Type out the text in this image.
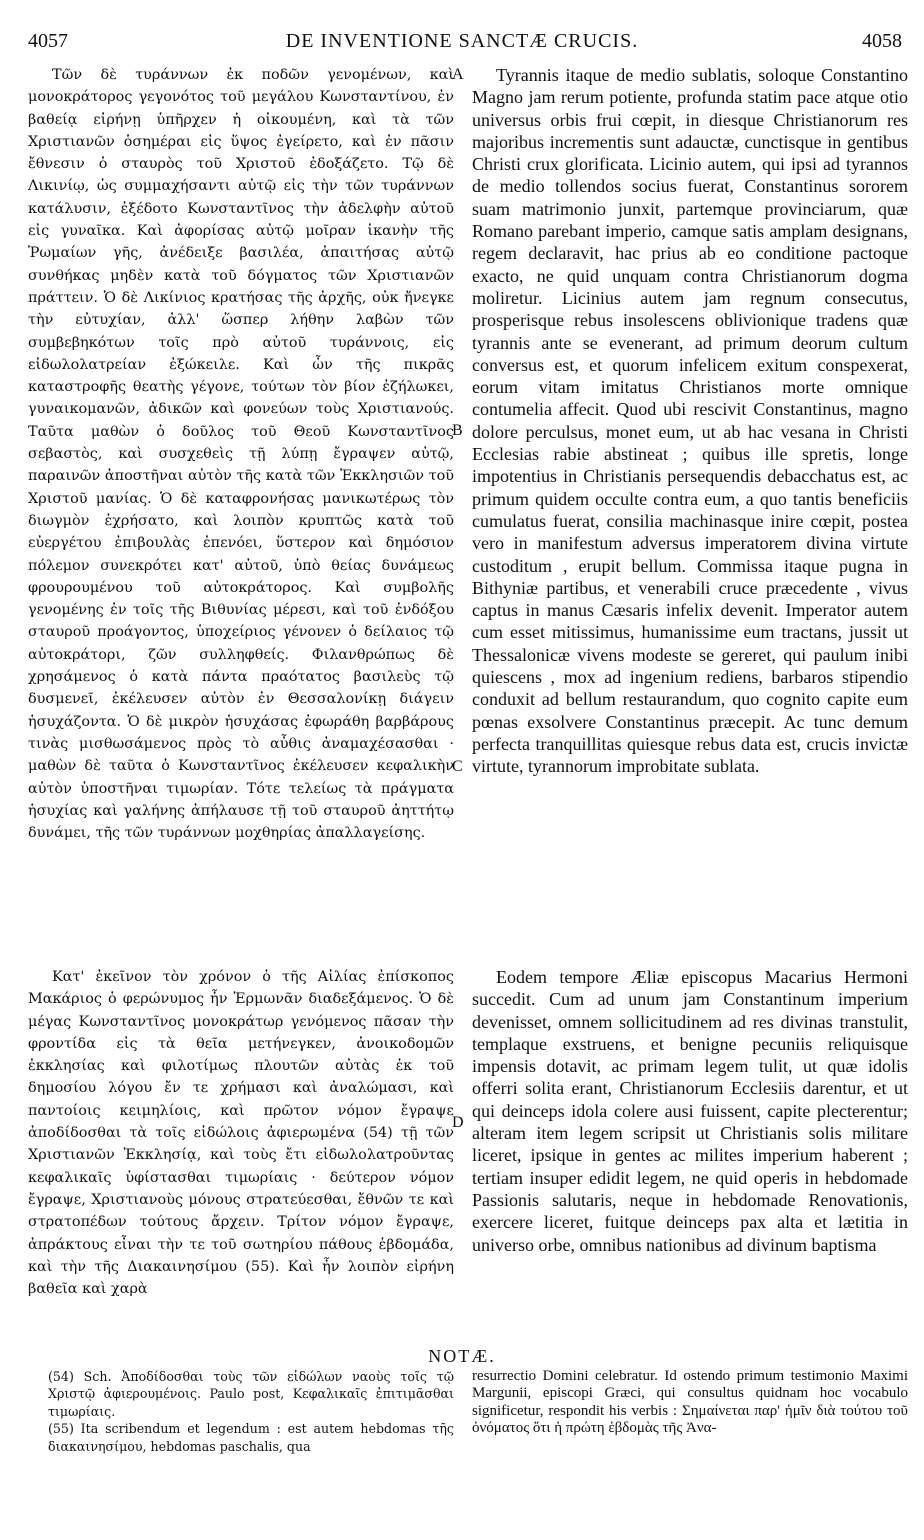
4057	DE INVENTIONE SANCTÆ CRUCIS.	4058

Τῶν δὲ τυράννων ἐκ ποδῶν γενομένων, καὶ μονοκράτορος γεγονότος τοῦ μεγάλου Κωνσταντίνου, ἐν βαθείᾳ εἰρήνῃ ὑπῆρχεν ἡ οἰκουμένη, καὶ τὰ τῶν Χριστιανῶν ὁσημέραι εἰς ὕψος ἐγείρετο, καὶ ἐν πᾶσιν ἔθνεσιν ὁ σταυρὸς τοῦ Χριστοῦ ἐδοξάζετο. Τῷ δὲ Λικινίῳ, ὡς συμμαχήσαντι αὐτῷ εἰς τὴν τῶν τυράννων κατάλυσιν, ἐξέδοτο Κωνσταντῖνος τὴν ἀδελφὴν αὐτοῦ εἰς γυναῖκα. Καὶ ἀφορίσας αὐτῷ μοῖραν ἱκανὴν τῆς Ῥωμαίων γῆς, ἀνέδειξε βασιλέα, ἀπαιτήσας αὐτῷ συνθήκας μηδὲν κατὰ τοῦ δόγματος τῶν Χριστιανῶν πράττειν. Ὁ δὲ Λικίνιος κρατήσας τῆς ἀρχῆς, οὐκ ἤνεγκε τὴν εὐτυχίαν, ἀλλ' ὥσπερ λήθην λαβὼν τῶν συμβεβηκότων τοῖς πρὸ αὐτοῦ τυράννοις, εἰς εἰδωλολατρείαν ἐξώκειλε. Καὶ ὧν τῆς πικρᾶς καταστροφῆς θεατὴς γέγονε, τούτων τὸν βίον ἐζήλωκει, γυναικομανῶν, ἀδικῶν καὶ φονεύων τοὺς Χριστιανούς. Ταῦτα μαθὼν ὁ δοῦλος τοῦ Θεοῦ Κωνσταντῖνος σεβαστὸς, καὶ συσχεθεὶς τῇ λύπῃ ἔγραψεν αὐτῷ, παραινῶν ἀποστῆναι αὐτὸν τῆς κατὰ τῶν Ἐκκλησιῶν τοῦ Χριστοῦ μανίας. Ὁ δὲ καταφρονήσας μανικωτέρως τὸν διωγμὸν ἐχρήσατο, καὶ λοιπὸν κρυπτῶς κατὰ τοῦ εὐεργέτου ἐπιβουλὰς ἐπενόει, ὕστερον καὶ δημόσιον πόλεμον συνεκρότει κατ' αὐτοῦ, ὑπὸ θείας δυνάμεως φρουρουμένου τοῦ αὐτοκράτορος. Καὶ συμβολῆς γενομένης ἐν τοῖς τῆς Βιθυνίας μέρεσι, καὶ τοῦ ἐνδόξου σταυροῦ προάγοντος, ὑποχείριος γένονεν ὁ δείλαιος τῷ αὐτοκράτορι, ζῶν συλληφθείς. Φιλανθρώπως δὲ χρησάμενος ὁ κατὰ πάντα πραότατος βασιλεὺς τῷ δυσμενεῖ, ἐκέλευσεν αὐτὸν ἐν Θεσσαλονίκῃ διάγειν ἡσυχάζοντα. Ὁ δὲ μικρὸν ἡσυχάσας ἐφωράθη βαρβάρους τινὰς μισθωσάμενος πρὸς τὸ αὖθις ἀναμαχέσασθαι · μαθὼν δὲ ταῦτα ὁ Κωνσταντῖνος ἐκέλευσεν κεφαλικὴν αὐτὸν ὑποστῆναι τιμωρίαν. Τότε τελείως τὰ πράγματα ἡσυχίας καὶ γαλήνης ἀπήλαυσε τῇ τοῦ σταυροῦ ἀηττήτῳ δυνάμει, τῆς τῶν τυράννων μοχθηρίας ἀπαλλαγείσης.

Tyrannis itaque de medio sublatis, soloque Constantino Magno jam rerum potiente, profunda statim pace atque otio universus orbis frui cœpit, in diesque Christianorum res majoribus incrementis sunt adauctæ, cunctisque in gentibus Christi crux glorificata. Licinio autem, qui ipsi ad tyrannos de medio tollendos socius fuerat, Constantinus sororem suam matrimonio junxit, partemque provinciarum, quæ Romano parebant imperio, camque satis amplam designans, regem declaravit, hac prius ab eo conditione pactoque exacto, ne quid unquam contra Christianorum dogma moliretur. Licinius autem jam regnum consecutus, prosperisque rebus insolescens oblivionique tradens quæ tyrannis ante se evenerant, ad primum deorum cultum conversus est, et quorum infelicem exitum conspexerat, eorum vitam imitatus Christianos morte omnique contumelia affecit. Quod ubi rescivit Constantinus, magno dolore perculsus, monet eum, ut ab hac vesana in Christi Ecclesias rabie abstineat ; quibus ille spretis, longe impotentius in Christianis persequendis debacchatus est, ac primum quidem occulte contra eum, a quo tantis beneficiis cumulatus fuerat, consilia machinasque inire cœpit, postea vero in manifestum adversus imperatorem divina virtute custoditum , erupit bellum. Commissa itaque pugna in Bithyniæ partibus, et venerabili cruce præcedente , vivus captus in manus Cæsaris infelix devenit. Imperator autem cum esset mitissimus, humanissime eum tractans, jussit ut Thessalonicæ vivens modeste se gereret, qui paulum inibi quiescens , mox ad ingenium rediens, barbaros stipendio conduxit ad bellum restaurandum, quo cognito capite eum pœnas exsolvere Constantinus præcepit. Ac tunc demum perfecta tranquillitas quiesque rebus data est, crucis invictæ virtute, tyrannorum improbitate sublata.

A
B
C
D

Κατ' ἐκεῖνον τὸν χρόνον ὁ τῆς Αἰλίας ἐπίσκοπος Μακάριος ὁ φερώνυμος ἦν Ἑρμωνᾶν διαδεξάμενος. Ὁ δὲ μέγας Κωνσταντῖνος μονοκράτωρ γενόμενος πᾶσαν τὴν φροντίδα εἰς τὰ θεῖα μετήνεγκεν, ἀνοικοδομῶν ἐκκλησίας καὶ φιλοτίμως πλουτῶν αὐτὰς ἐκ τοῦ δημοσίου λόγου ἔν τε χρήμασι καὶ ἀναλώμασι, καὶ παντοίοις κειμηλίοις, καὶ πρῶτον νόμον ἔγραψε ἀποδίδοσθαι τὰ τοῖς εἰδώλοις ἀφιερωμένα (54) τῇ τῶν Χριστιανῶν Ἐκκλησίᾳ, καὶ τοὺς ἔτι εἰδωλολατροῦντας κεφαλικαῖς ὑφίστασθαι τιμωρίαις · δεύτερον νόμον ἔγραψε, Χριστιανοὺς μόνους στρατεύεσθαι, ἔθνῶν τε καὶ στρατοπέδων τούτους ἄρχειν. Τρίτον νόμον ἔγραψε, ἀπράκτους εἶναι τὴν τε τοῦ σωτηρίου πάθους ἑβδομάδα, καὶ τὴν τῆς Διακαινησίμου (55). Καὶ ἦν λοιπὸν εἰρήνη βαθεῖα καὶ χαρὰ

Eodem tempore Æliæ episcopus Macarius Hermoni succedit. Cum ad unum jam Constantinum imperium devenisset, omnem sollicitudinem ad res divinas transtulit, templaque exstruens, et benigne pecuniis reliquisque impensis dotavit, ac primam legem tulit, ut quæ idolis offerri solita erant, Christianorum Ecclesiis darentur, et ut qui deinceps idola colere ausi fuissent, capite plecterentur; alteram item legem scripsit ut Christianis solis militare liceret, ipsique in gentes ac milites imperium haberent ; tertiam insuper edidit legem, ne quid operis in hebdomade Passionis salutaris, neque in hebdomade Renovationis, exercere liceret, fuitque deinceps pax alta et lætitia in universo orbe, omnibus nationibus ad divinum baptisma

NOTÆ.

(54) Sch. Ἀποδίδοσθαι τοὺς τῶν εἰδώλων ναοὺς τοῖς τῷ Χριστῷ ἀφιερουμένοις. Paulo post, Κεφαλικαῖς ἐπιτιμᾶσθαι τιμωρίαις.

(55) Ita scribendum et legendum : est autem hebdomas τῆς διακαινησίμου, hebdomas paschalis, qua

resurrectio Domini celebratur. Id ostendo primum testimonio Maximi Margunii, episcopi Græci, qui consultus quidnam hoc vocabulo significetur, respondit his verbis : Σημαίνεται παρ' ἡμῖν διὰ τούτου τοῦ ὀνόματος ὅτι ἡ πρώτη ἑβδομὰς τῆς Ἀνα-
